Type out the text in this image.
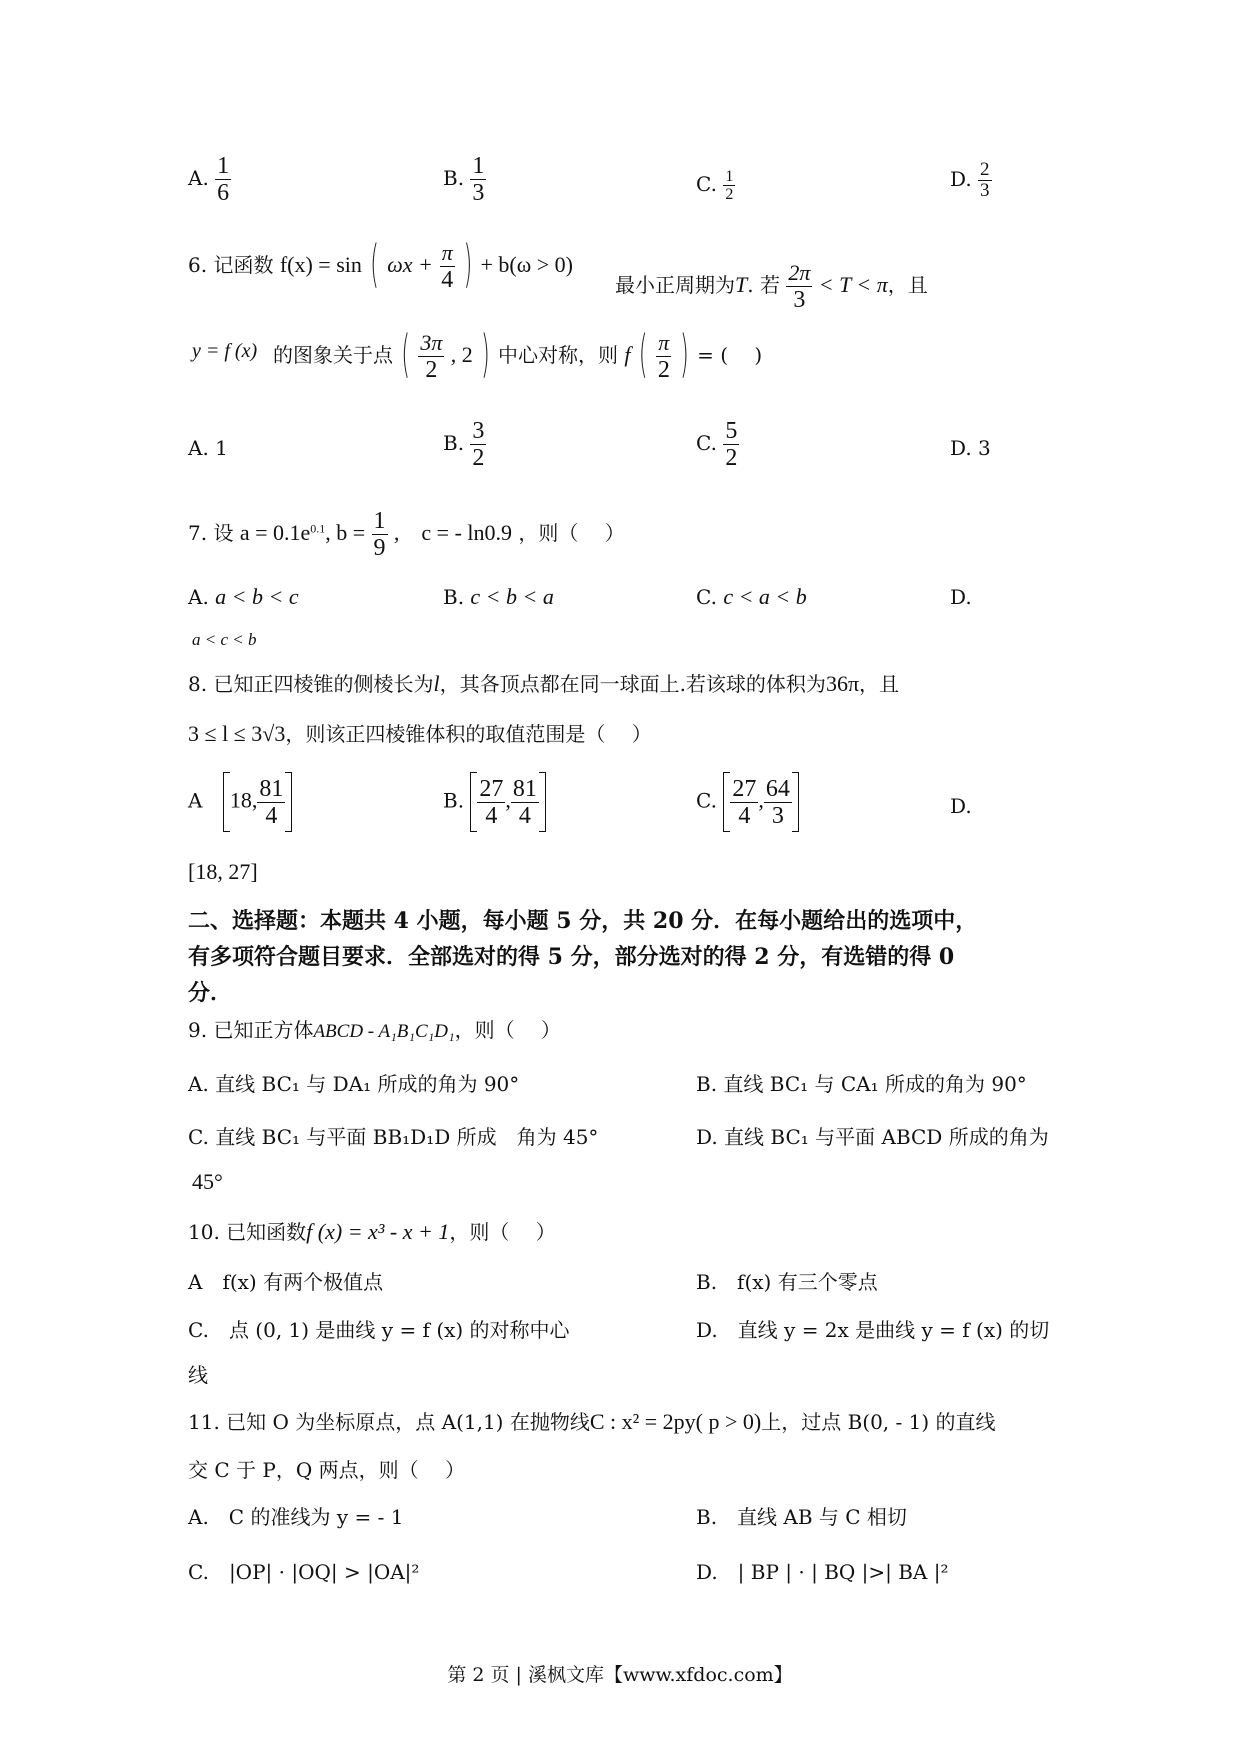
A. $\frac{1}{6}$	B. $\frac{1}{3}$	C. $\frac{1}{2}$	D. $\frac{2}{3}$
6. 记函数 f(x) = sin ( $\omega x + \frac{\pi}{4}$ ) + b(ω > 0)
最小正周期为T. 若 $\frac{2\pi}{3} < T < \pi$，且
y = f (x) 的图象关于点 ( $\frac{3\pi}{2}$ , 2 ) 中心对称，则 f ( $\frac{\pi}{2}$ ) = (　 )
A. 1	B. $\frac{3}{2}$	C. $\frac{5}{2}$	D. 3
7. 设 $a = 0.1e^{0.1}$, $b = \frac{1}{9}$ ,　c = - ln0.9 ，则（　 ）
A. a < b < c	B. c < b < a	C. c < a < b	D.
a < c < b
8. 已知正四棱锥的侧棱长为l，其各顶点都在同一球面上.若该球的体积为36π，且
3 ≤ l ≤ 3√3，则该正四棱锥体积的取值范围是（　 ）
A 18, $\frac{81}{4}$	B. $\frac{27}{4}$ , $\frac{81}{4}$	C. $\frac{27}{4}$ , $\frac{64}{3}$	D.
[18, 27]
二、选择题：本题共 4 小题，每小题 5 分，共 20 分．在每小题给出的选项中，
有多项符合题目要求．全部选对的得 5 分，部分选对的得 2 分，有选错的得 0
分．
9. 已知正方体ABCD - A₁B₁C₁D₁，则（　 ）
A. 直线 BC₁ 与 DA₁ 所成的角为 90°	B. 直线 BC₁ 与 CA₁ 所成的角为 90°
C. 直线 BC₁ 与平面 BB₁D₁D 所成　角为 45°	D. 直线 BC₁ 与平面 ABCD 所成的角为
45°
10. 已知函数f (x) = x³ - x + 1，则（　 ）
A　f(x) 有两个极值点	B.　f(x) 有三个零点
C.　点 (0, 1) 是曲线 y = f (x) 的对称中心	D.　直线 y = 2x 是曲线 y = f (x) 的切
线
11. 已知 O 为坐标原点，点 A(1,1) 在抛物线C : x² = 2py( p > 0)上，过点 B(0, - 1) 的直线
交 C 于 P，Q 两点，则（　 ）
A.　C 的准线为 y = - 1	B.　直线 AB 与 C 相切
C.　|OP| · |OQ| > |OA|²	D.　| BP | · | BQ |>| BA |²
第 2 页 | 溪枫文库【www.xfdoc.com】
